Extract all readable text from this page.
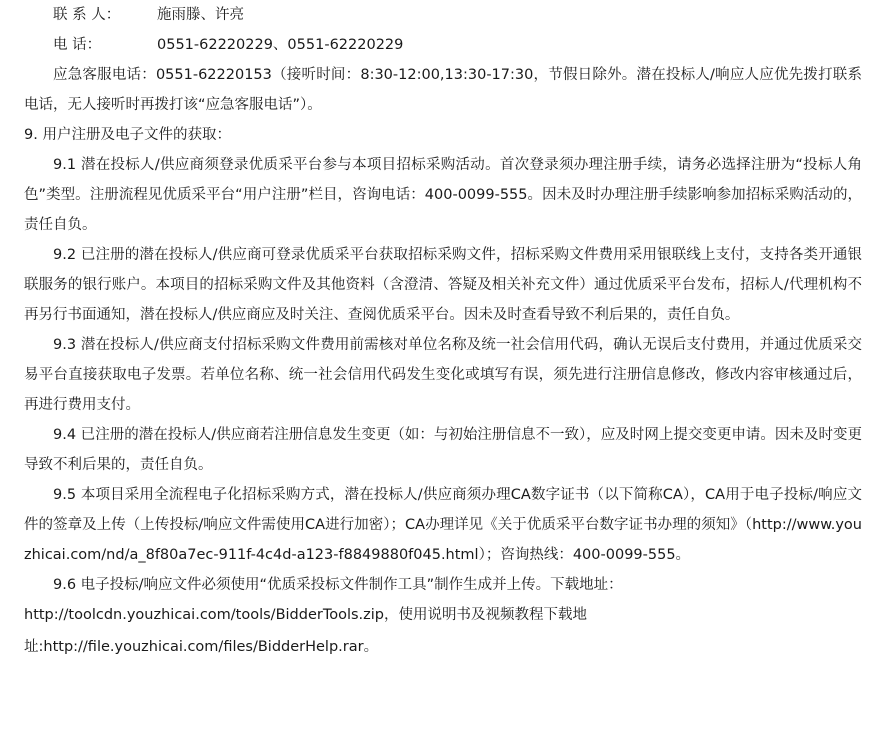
联 系 人：	施雨滕、许亮

电 话：	0551-62220229、0551-62220229

应急客服电话：0551-62220153（接听时间：8:30-12:00,13:30-17:30，节假日除外。潜在投标人/响应人应优先拨打联系电话，无人接听时再拨打该“应急客服电话”）。

9. 用户注册及电子文件的获取：

9.1 潜在投标人/供应商须登录优质采平台参与本项目招标采购活动。首次登录须办理注册手续，请务必选择注册为“投标人角色”类型。注册流程见优质采平台“用户注册”栏目，咨询电话：400-0099-555。因未及时办理注册手续影响参加招标采购活动的，责任自负。

9.2 已注册的潜在投标人/供应商可登录优质采平台获取招标采购文件，招标采购文件费用采用银联线上支付，支持各类开通银联服务的银行账户。本项目的招标采购文件及其他资料（含澄清、答疑及相关补充文件）通过优质采平台发布，招标人/代理机构不再另行书面通知，潜在投标人/供应商应及时关注、查阅优质采平台。因未及时查看导致不利后果的，责任自负。

9.3 潜在投标人/供应商支付招标采购文件费用前需核对单位名称及统一社会信用代码，确认无误后支付费用，并通过优质采交易平台直接获取电子发票。若单位名称、统一社会信用代码发生变化或填写有误，须先进行注册信息修改，修改内容审核通过后，再进行费用支付。

9.4 已注册的潜在投标人/供应商若注册信息发生变更（如：与初始注册信息不一致），应及时网上提交变更申请。因未及时变更导致不利后果的，责任自负。

9.5 本项目采用全流程电子化招标采购方式，潜在投标人/供应商须办理CA数字证书（以下简称CA），CA用于电子投标/响应文件的签章及上传（上传投标/响应文件需使用CA进行加密）；CA办理详见《关于优质采平台数字证书办理的须知》（http://www.youzhicai.com/nd/a_8f80a7ec-911f-4c4d-a123-f8849880f045.html）；咨询热线：400-0099-555。

9.6 电子投标/响应文件必须使用“优质采投标文件制作工具”制作生成并上传。下载地址：

http://toolcdn.youzhicai.com/tools/BidderTools.zip，使用说明书及视频教程下载地

址:http://file.youzhicai.com/files/BidderHelp.rar。
